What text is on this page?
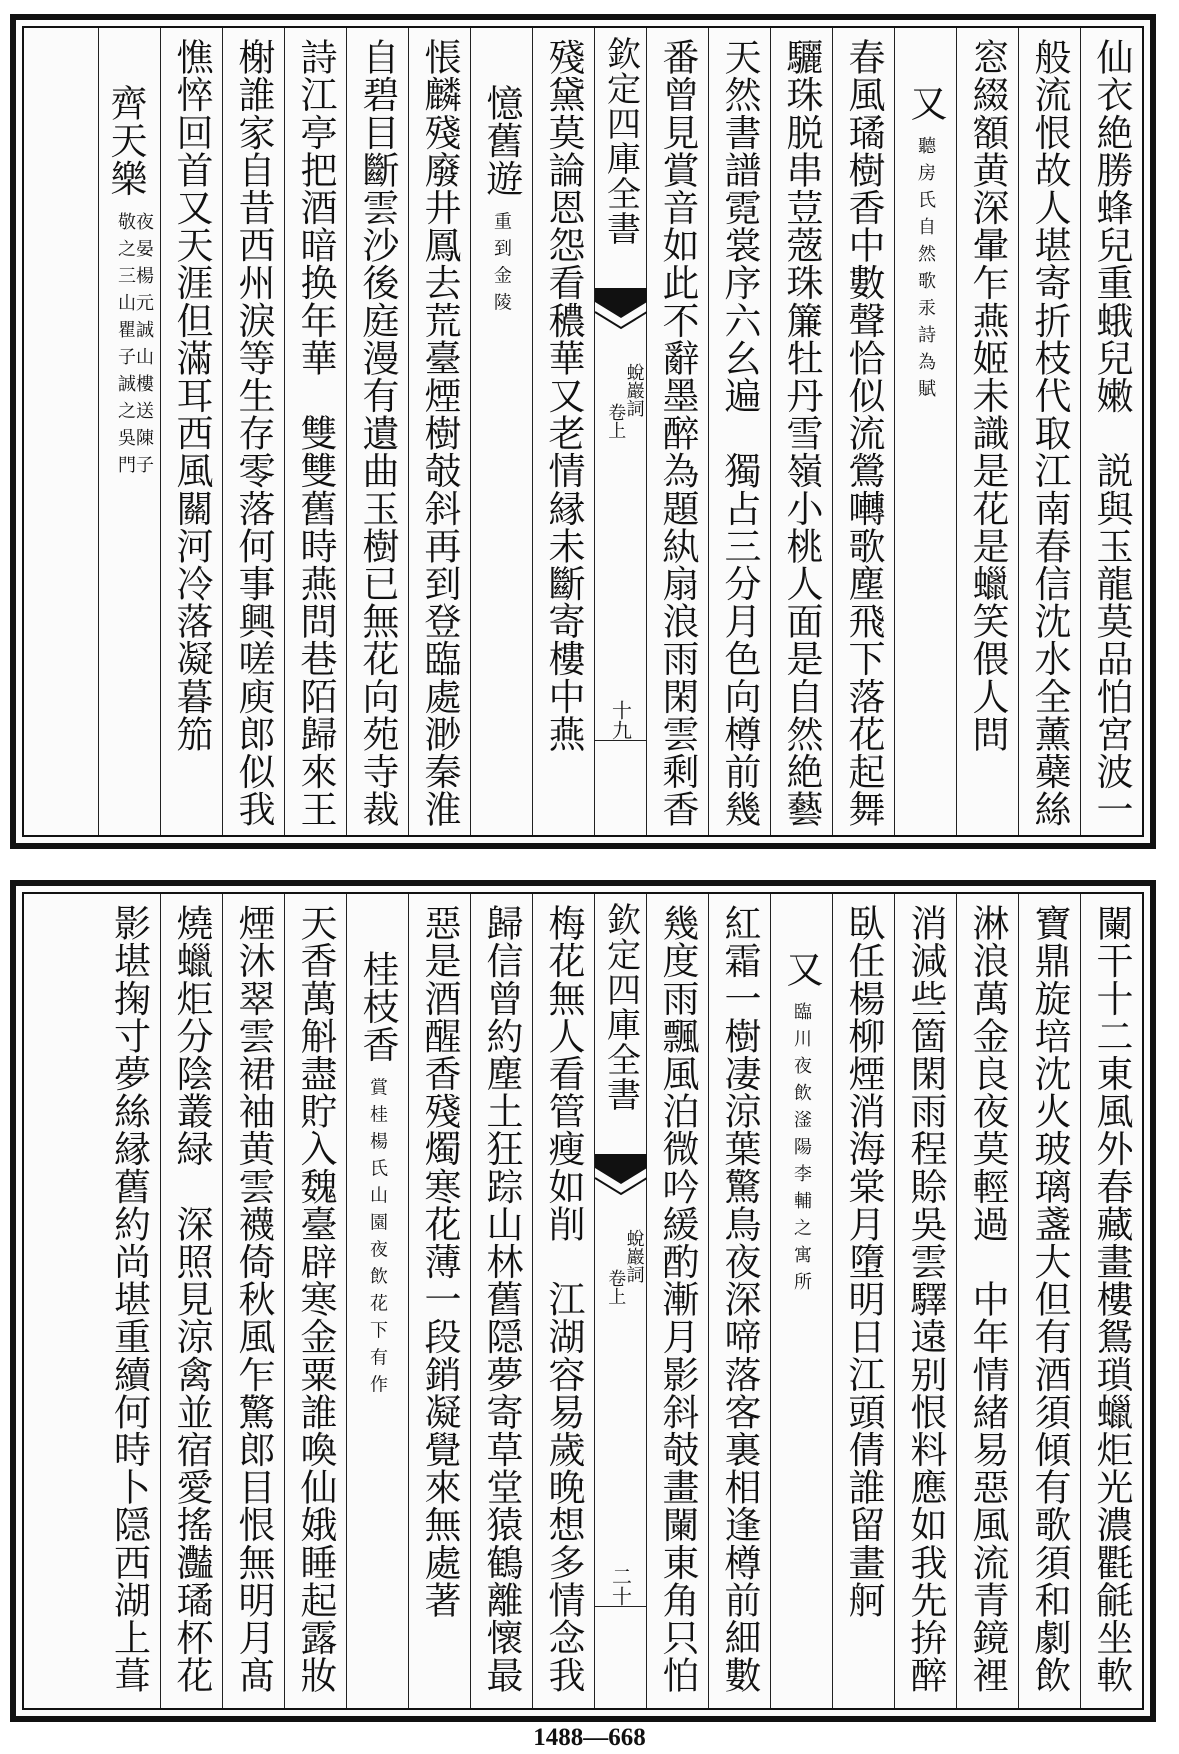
仙衣絶勝蜂兒重蛾兒嫩　説與玉龍莫品怕宮波一
般流恨故人堪寄折枝代取江南春信沈水全薰蘗絲
窓綴額黄深暈乍燕姬未識是花是蠟笑偎人問
又 聽房氏自然歌汞詩為賦
春風璚樹香中數聲恰似流鶯囀歌塵飛下落花起舞
驪珠脱串荳蔲珠簾牡丹雪嶺小桃人面是自然絶藝
天然書譜霓裳序六幺遍　獨占三分月色向樽前幾
番曾見賞音如此不辭墨醉為題紈扇浪雨閑雲剩香
欽定四庫全書
蛻巖詞
卷上
十九
殘黛莫論恩怨看穠華又老情縁未斷寄樓中燕
憶舊遊 重到金陵
悵麟殘廢井鳳去荒臺煙樹攲斜再到登臨處渺秦淮
自碧目斷雲沙後庭漫有遺曲玉樹已無花向苑寺裁
詩江亭把酒暗换年華　雙雙舊時燕問巷陌歸來王
榭誰家自昔西州淚等生存零落何事興嗟庾郎似我
憔悴回首又天涯但滿耳西風關河冷落凝暮笳
齊天樂 夜晏楊元誠山樓送陳子
敬之三山瞿子誠之吳門
闌干十二東風外春藏畫樓鴛瑣蠟炬光濃氍毹坐軟
寶鼎旋培沈火玻璃盞大但有酒須傾有歌須和劇飲
淋浪萬金良夜莫輕過　中年情緒易惡風流青鏡裡
消減些箇閑雨程賒吳雲驛遠别恨料應如我先拚醉
臥任楊柳煙消海棠月墮明日江頭倩誰留畫舸
又 臨川夜飲滏陽李輔之寓所
紅霜一樹凄涼葉驚鳥夜深啼落客裏相逢樽前細數
幾度雨飄風泊微吟緩酌漸月影斜攲畫闌東角只怕
欽定四庫全書
蛻巖詞
卷上
二十
梅花無人看管瘦如削　江湖容易歲晚想多情念我
歸信曾約塵土狂踪山林舊隠夢寄草堂猿鶴離懷最
惡是酒醒香殘燭寒花薄一段銷凝覺來無處著
桂枝香 賞桂楊氏山園夜飲花下有作
天香萬斛盡貯入魏臺辟寒金粟誰喚仙娥睡起露妝
煙沐翠雲裙袖黄雲襪倚秋風乍驚郎目恨無明月髙
燒蠟炬分陰叢緑　深照見涼禽並宿愛搖灎璚杯花
影堪掬寸夢絲縁舊約尚堪重續何時卜隠西湖上葺
1488—668
